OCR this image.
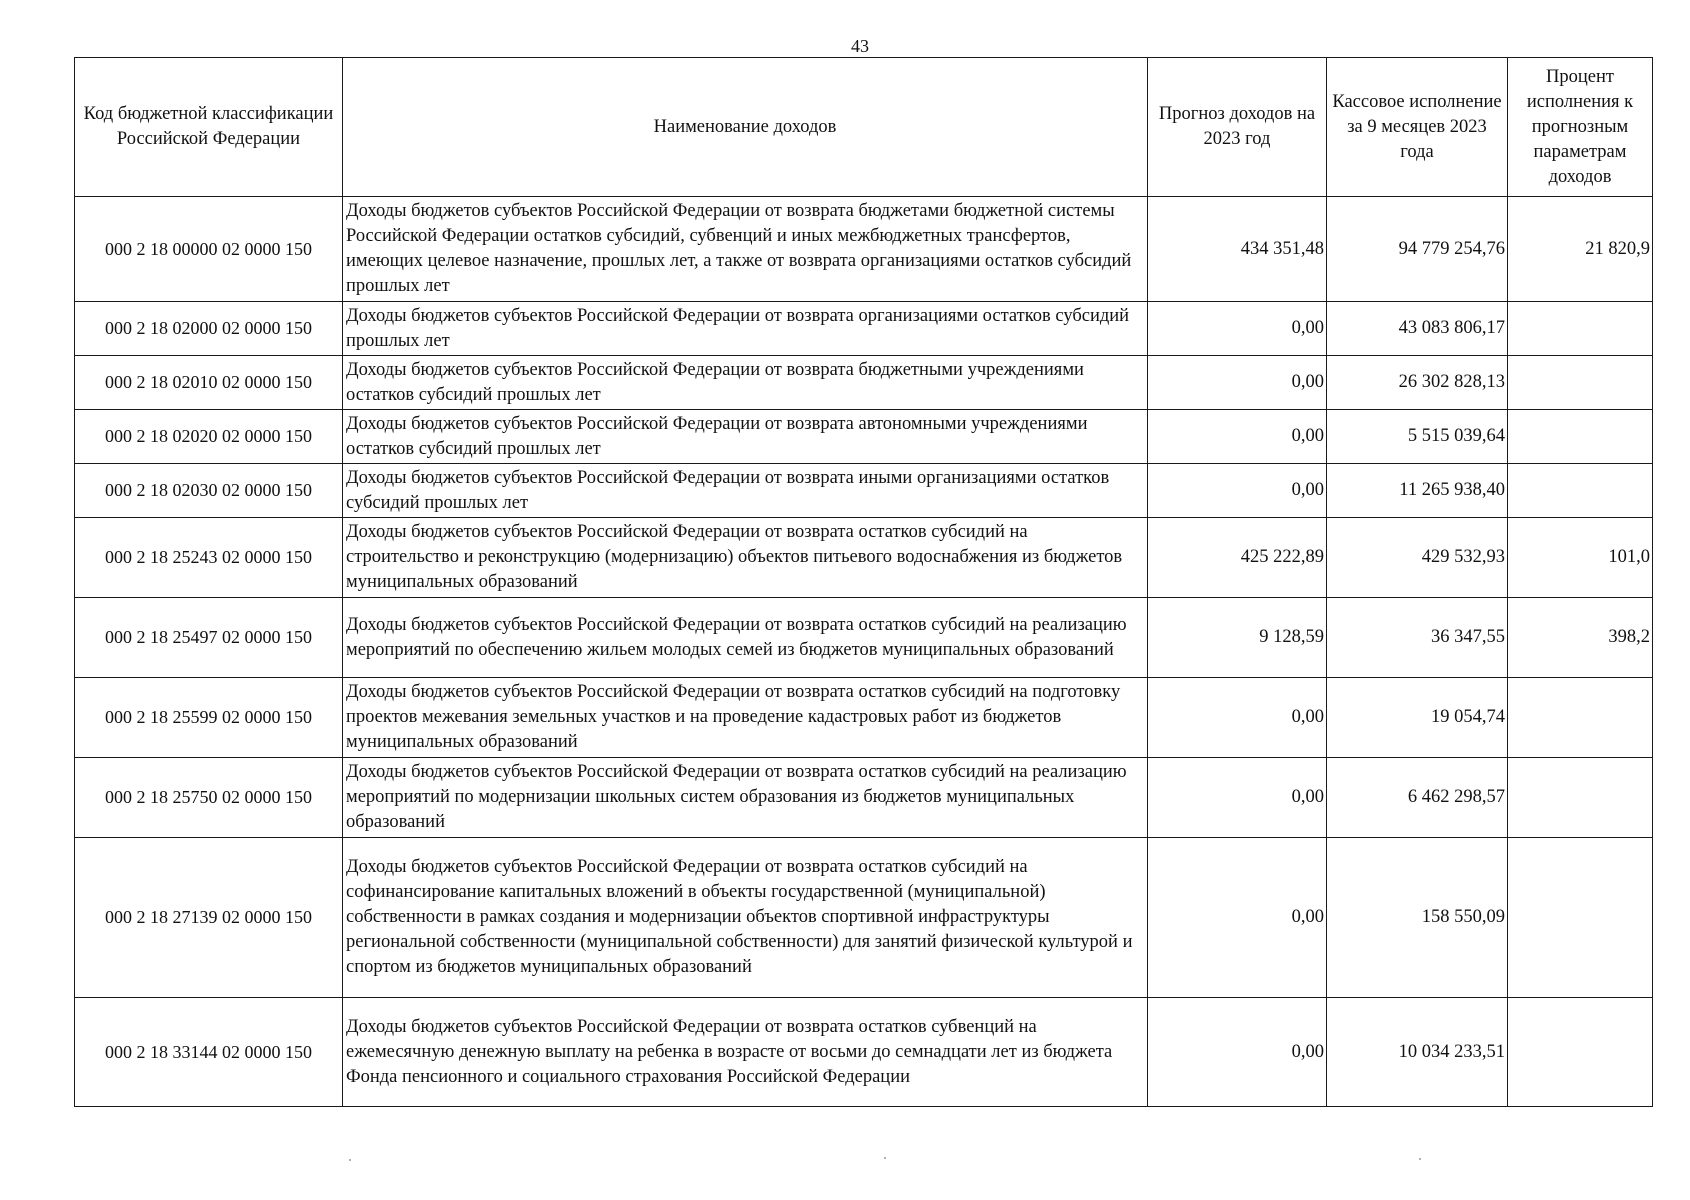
43
Код бюджетной классификации Российской Федерации	Наименование доходов	Прогноз доходов на 2023 год	Кассовое исполнение за 9 месяцев 2023 года	Процент исполнения к прогнозным параметрам доходов
000 2 18 00000 02 0000 150	Доходы бюджетов субъектов Российской Федерации от возврата бюджетами бюджетной системы Российской Федерации остатков субсидий, субвенций и иных межбюджетных трансфертов, имеющих целевое назначение, прошлых лет, а также от возврата организациями остатков субсидий прошлых лет	434 351,48	94 779 254,76	21 820,9
000 2 18 02000 02 0000 150	Доходы бюджетов субъектов Российской Федерации от возврата организациями остатков субсидий прошлых лет	0,00	43 083 806,17	
000 2 18 02010 02 0000 150	Доходы бюджетов субъектов Российской Федерации от возврата бюджетными учреждениями остатков субсидий прошлых лет	0,00	26 302 828,13	
000 2 18 02020 02 0000 150	Доходы бюджетов субъектов Российской Федерации от возврата автономными учреждениями остатков субсидий прошлых лет	0,00	5 515 039,64	
000 2 18 02030 02 0000 150	Доходы бюджетов субъектов Российской Федерации от возврата иными организациями остатков субсидий прошлых лет	0,00	11 265 938,40	
000 2 18 25243 02 0000 150	Доходы бюджетов субъектов Российской Федерации от возврата остатков субсидий на строительство и реконструкцию (модернизацию) объектов питьевого водоснабжения из бюджетов муниципальных образований	425 222,89	429 532,93	101,0
000 2 18 25497 02 0000 150	Доходы бюджетов субъектов Российской Федерации от возврата остатков субсидий на реализацию мероприятий по обеспечению жильем молодых семей из бюджетов муниципальных образований	9 128,59	36 347,55	398,2
000 2 18 25599 02 0000 150	Доходы бюджетов субъектов Российской Федерации от возврата остатков субсидий на подготовку проектов межевания земельных участков и на проведение кадастровых работ из бюджетов муниципальных образований	0,00	19 054,74	
000 2 18 25750 02 0000 150	Доходы бюджетов субъектов Российской Федерации от возврата остатков субсидий на реализацию мероприятий по модернизации школьных систем образования из бюджетов муниципальных образований	0,00	6 462 298,57	
000 2 18 27139 02 0000 150	Доходы бюджетов субъектов Российской Федерации от возврата остатков субсидий на софинансирование капитальных вложений в объекты государственной (муниципальной) собственности в рамках создания и модернизации объектов спортивной инфраструктуры региональной собственности (муниципальной собственности) для занятий физической культурой и спортом из бюджетов муниципальных образований	0,00	158 550,09	
000 2 18 33144 02 0000 150	Доходы бюджетов субъектов Российской Федерации от возврата остатков субвенций на ежемесячную денежную выплату на ребенка в возрасте от восьми до семнадцати лет из бюджета Фонда пенсионного и социального страхования Российской Федерации	0,00	10 034 233,51	
